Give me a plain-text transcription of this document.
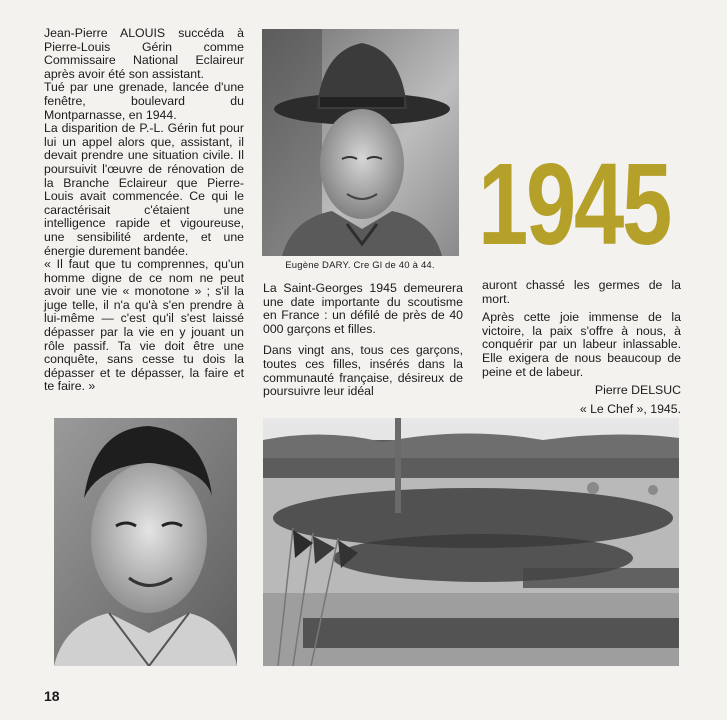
Jean-Pierre ALOUIS succéda à Pierre-Louis Gérin comme Commissaire National Eclaireur après avoir été son assistant.

Tué par une grenade, lancée d'une fenêtre, boulevard du Montparnasse, en 1944.

La disparition de P.-L. Gérin fut pour lui un appel alors que, assistant, il devait prendre une situation civile. Il poursuivit l'œuvre de rénovation de la Branche Eclaireur que Pierre-Louis avait commencée. Ce qui le caractérisait c'étaient une intelligence rapide et vigoureuse, une sensibilité ardente, et une énergie durement bandée.

« Il faut que tu comprennes, qu'un homme digne de ce nom ne peut avoir une vie « monotone » ; s'il la juge telle, il n'a qu'à s'en prendre à lui-même — c'est qu'il s'est laissé dépasser par la vie en y jouant un rôle passif. Ta vie doit être une conquête, sans cesse tu dois la dépasser et te dépasser, la faire et te faire. »

Eugène DARY. Cre Gl de 40 à 44. 1945

La Saint-Georges 1945 demeurera une date importante du scoutisme en France : un défilé de près de 40 000 garçons et filles.

Dans vingt ans, tous ces garçons, toutes ces filles, insérés dans la communauté française, désireux de poursuivre leur idéal

auront chassé les germes de la mort.

Après cette joie immense de la victoire, la paix s'offre à nous, à conquérir par un labeur inlassable. Elle exigera de nous beaucoup de peine et de labeur.

Pierre DELSUC

« Le Chef », 1945.

18
